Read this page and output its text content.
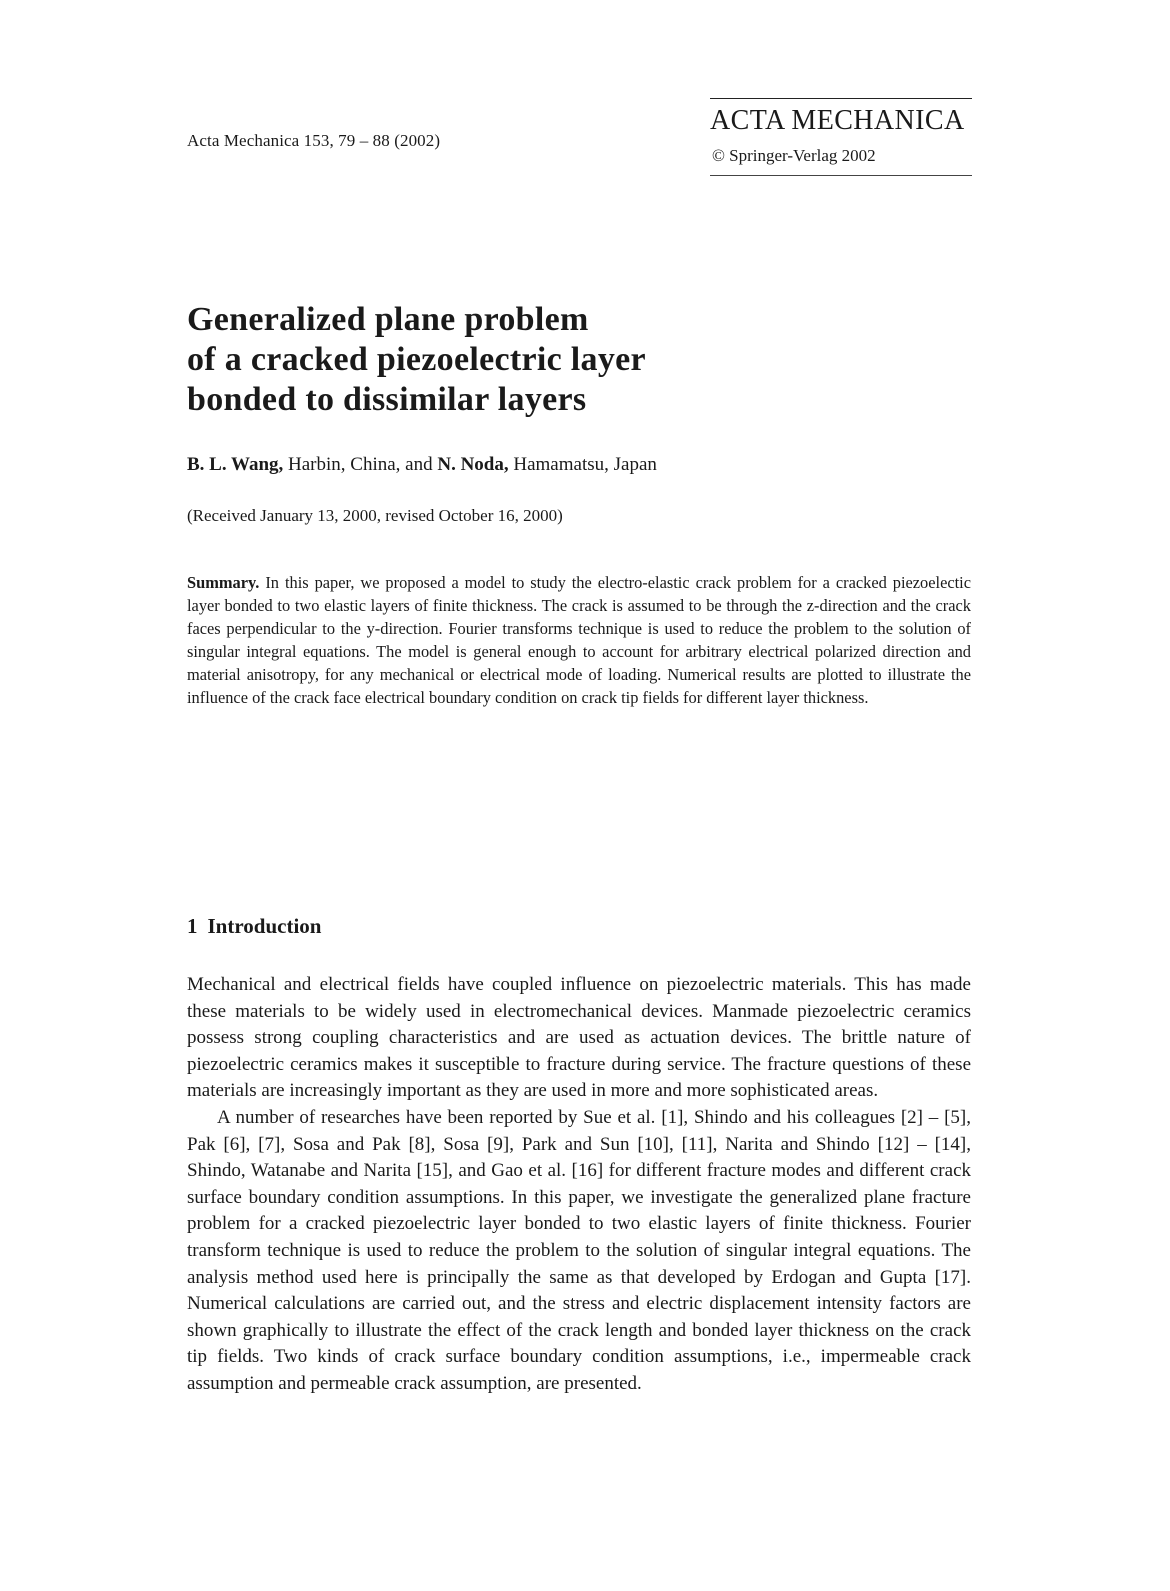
Acta Mechanica 153, 79 – 88 (2002)
ACTA MECHANICA
© Springer-Verlag 2002
Generalized plane problem
of a cracked piezoelectric layer
bonded to dissimilar layers
B. L. Wang, Harbin, China, and N. Noda, Hamamatsu, Japan
(Received January 13, 2000, revised October 16, 2000)
Summary. In this paper, we proposed a model to study the electro-elastic crack problem for a cracked piezoelectic layer bonded to two elastic layers of finite thickness. The crack is assumed to be through the z-direction and the crack faces perpendicular to the y-direction. Fourier transforms technique is used to reduce the problem to the solution of singular integral equations. The model is general enough to account for arbitrary electrical polarized direction and material anisotropy, for any mechanical or electrical mode of loading. Numerical results are plotted to illustrate the influence of the crack face electrical boundary condition on crack tip fields for different layer thickness.
1 Introduction

Mechanical and electrical fields have coupled influence on piezoelectric materials. This has made these materials to be widely used in electromechanical devices. Manmade piezoelectric ceramics possess strong coupling characteristics and are used as actuation devices. The brittle nature of piezoelectric ceramics makes it susceptible to fracture during service. The fracture questions of these materials are increasingly important as they are used in more and more sophisticated areas.

A number of researches have been reported by Sue et al. [1], Shindo and his colleagues [2] – [5], Pak [6], [7], Sosa and Pak [8], Sosa [9], Park and Sun [10], [11], Narita and Shindo [12] – [14], Shindo, Watanabe and Narita [15], and Gao et al. [16] for different fracture modes and different crack surface boundary condition assumptions. In this paper, we investigate the generalized plane fracture problem for a cracked piezoelectric layer bonded to two elastic layers of finite thickness. Fourier transform technique is used to reduce the problem to the solution of singular integral equations. The analysis method used here is principally the same as that developed by Erdogan and Gupta [17]. Numerical calculations are carried out, and the stress and electric displacement intensity factors are shown graphically to illustrate the effect of the crack length and bonded layer thickness on the crack tip fields. Two kinds of crack surface boundary condition assumptions, i.e., impermeable crack assumption and permeable crack assumption, are presented.
